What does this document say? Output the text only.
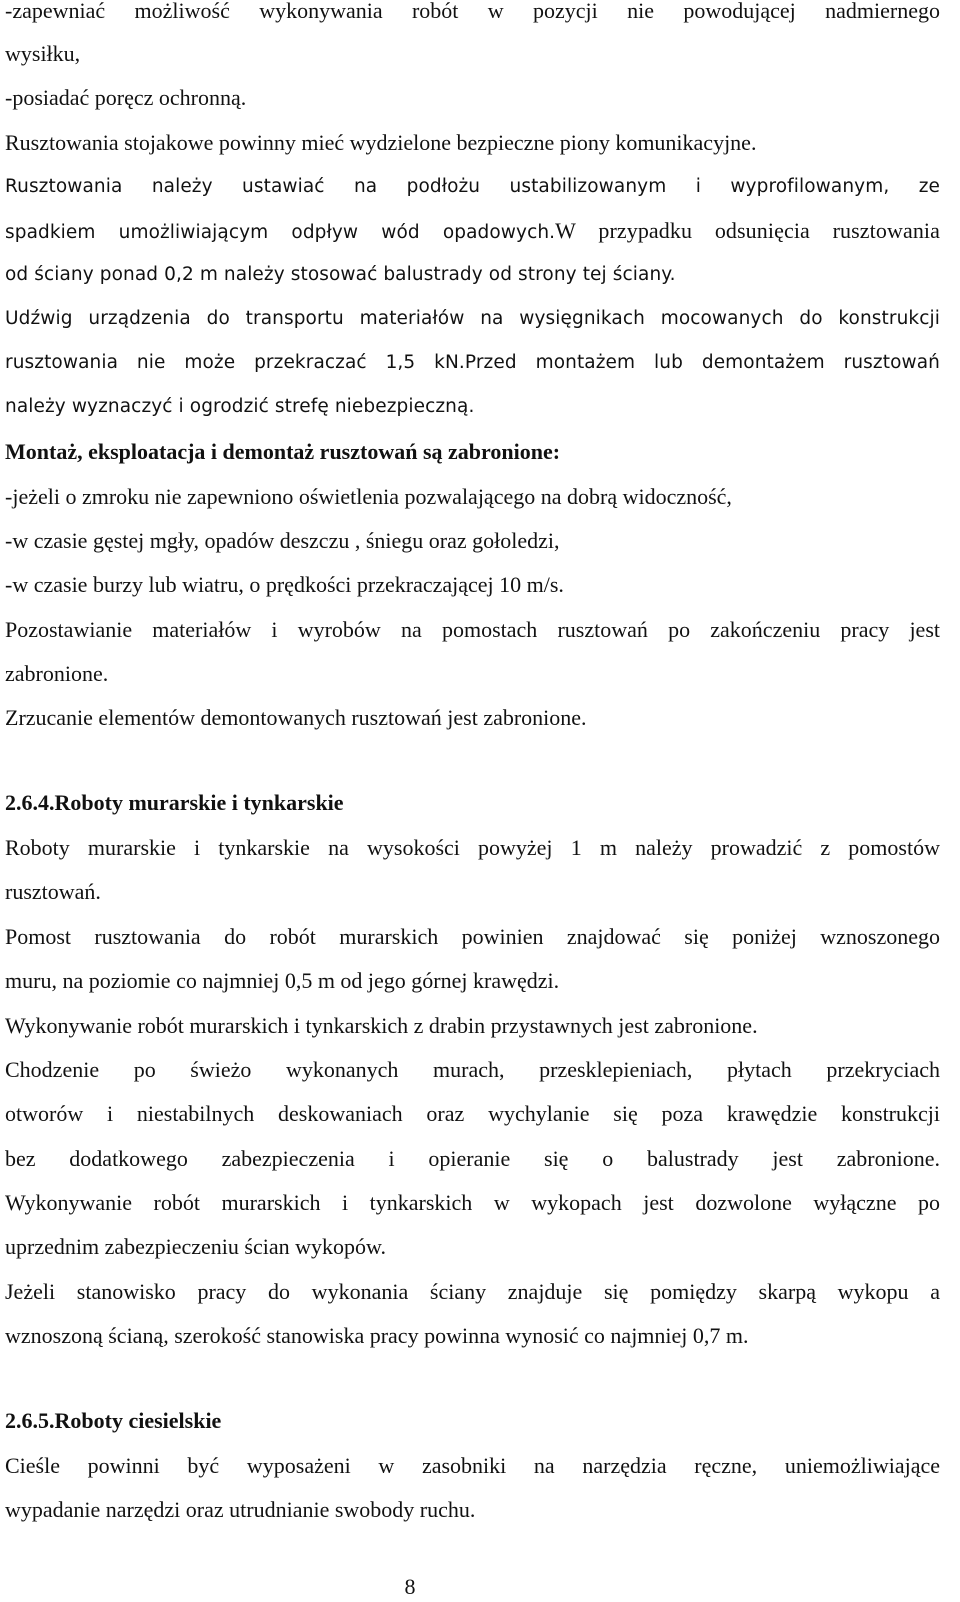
-zapewniać możliwość wykonywania robót w pozycji nie powodującej nadmiernego
wysiłku,
-posiadać poręcz ochronną.
Rusztowania stojakowe powinny mieć wydzielone bezpieczne piony komunikacyjne.
Rusztowania należy ustawiać na podłożu ustabilizowanym i wyprofilowanym, ze
spadkiem umożliwiającym odpływ wód opadowych.W przypadku odsunięcia rusztowania
od ściany ponad 0,2 m należy stosować balustrady od strony tej ściany.
Udźwig urządzenia do transportu materiałów na wysięgnikach mocowanych do konstrukcji
rusztowania nie może przekraczać 1,5 kN.Przed montażem lub demontażem rusztowań
należy wyznaczyć i ogrodzić strefę niebezpieczną.
Montaż, eksploatacja i demontaż rusztowań są zabronione:
-jeżeli o zmroku nie zapewniono oświetlenia pozwalającego na dobrą widoczność,
-w czasie gęstej mgły, opadów deszczu , śniegu oraz gołoledzi,
-w czasie burzy lub wiatru, o prędkości przekraczającej 10 m/s.
Pozostawianie materiałów i wyrobów na pomostach rusztowań po zakończeniu pracy jest
zabronione.
Zrzucanie elementów demontowanych rusztowań jest zabronione.
2.6.4.Roboty murarskie i tynkarskie
Roboty murarskie i tynkarskie na wysokości powyżej 1 m należy prowadzić z pomostów
rusztowań.
Pomost rusztowania do robót murarskich powinien znajdować się poniżej wznoszonego
muru, na poziomie co najmniej 0,5 m od jego górnej krawędzi.
Wykonywanie robót murarskich i tynkarskich z drabin przystawnych jest zabronione.
Chodzenie po świeżo wykonanych murach, przesklepieniach, płytach przekryciach
otworów i niestabilnych deskowaniach oraz wychylanie się poza krawędzie konstrukcji
bez dodatkowego zabezpieczenia i opieranie się o balustrady jest zabronione.
Wykonywanie robót murarskich i tynkarskich w wykopach jest dozwolone wyłączne po
uprzednim zabezpieczeniu ścian wykopów.
Jeżeli stanowisko pracy do wykonania ściany znajduje się pomiędzy skarpą wykopu a
wznoszoną ścianą, szerokość stanowiska pracy powinna wynosić co najmniej 0,7 m.
2.6.5.Roboty ciesielskie
Cieśle powinni być wyposażeni w zasobniki na narzędzia ręczne, uniemożliwiające
wypadanie narzędzi oraz utrudnianie swobody ruchu.
8
